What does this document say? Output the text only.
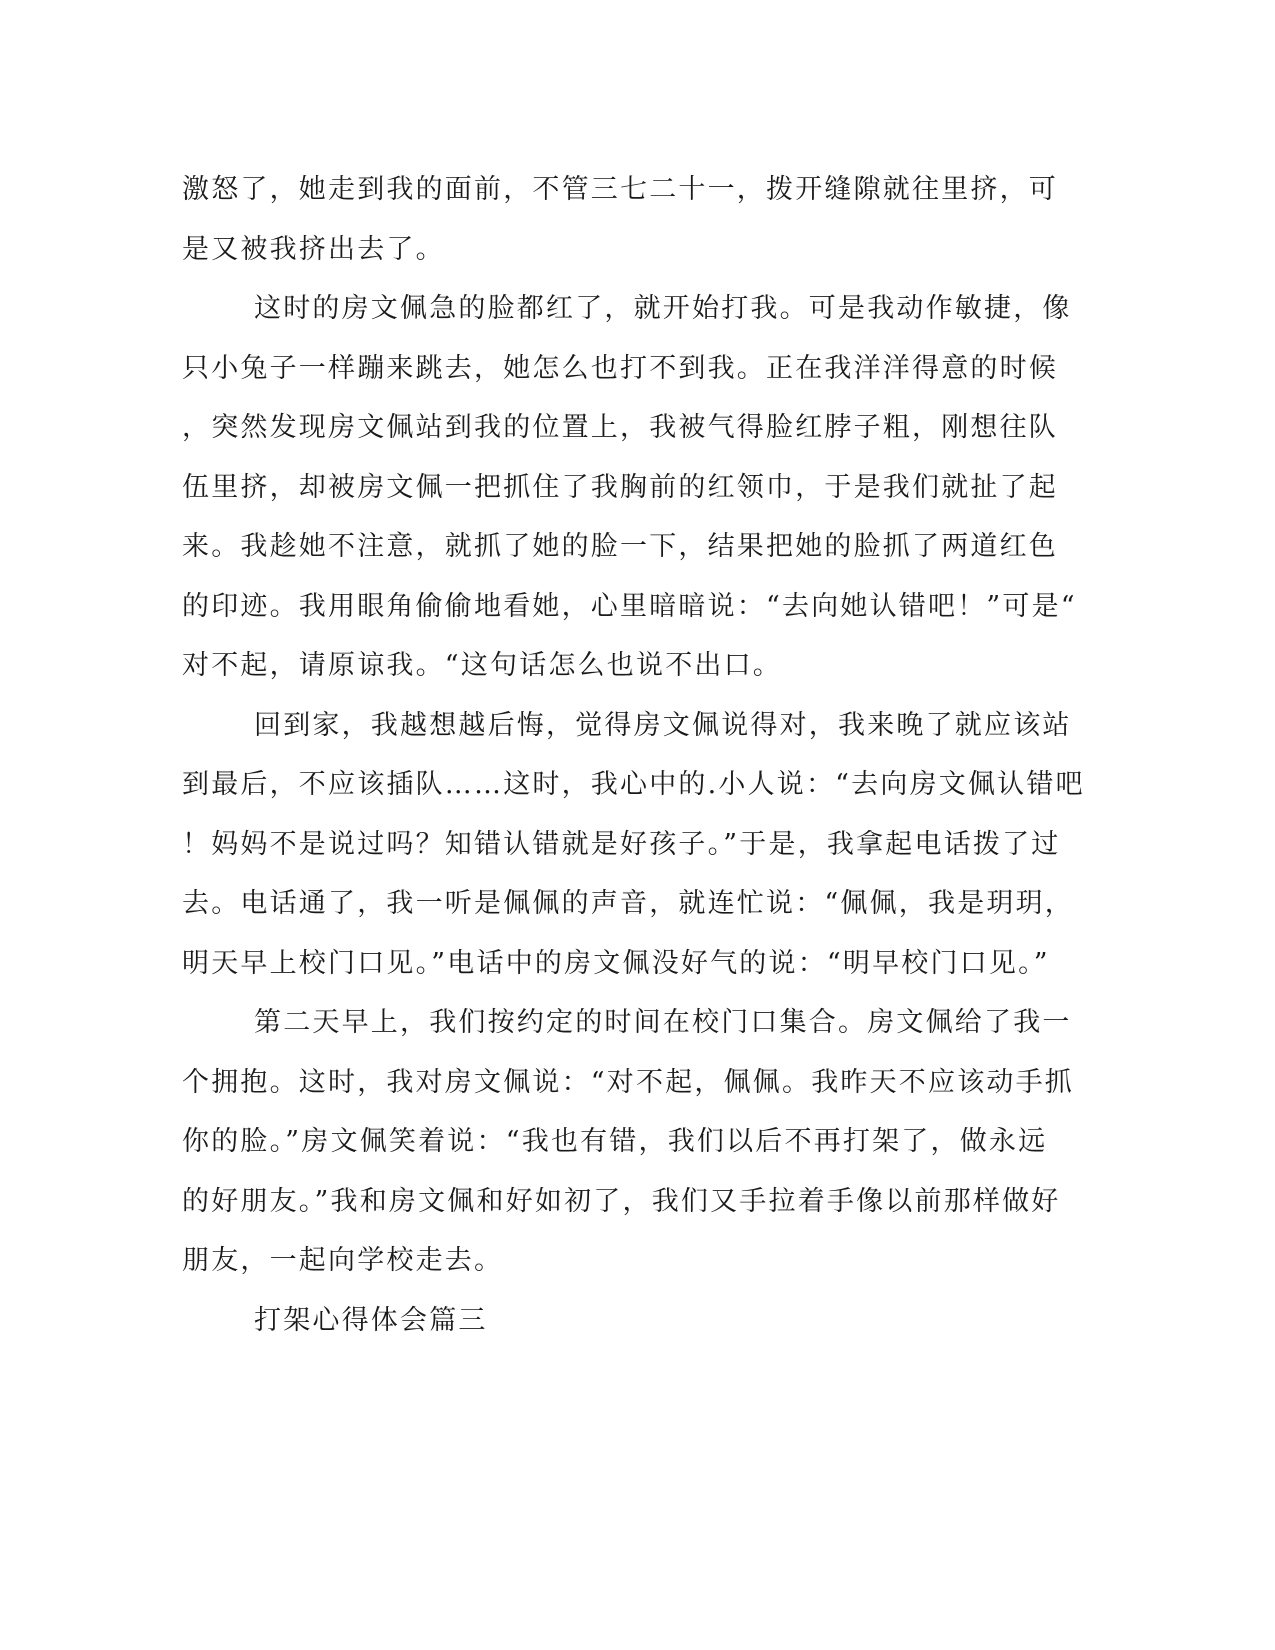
激怒了，她走到我的面前，不管三七二十一，拨开缝隙就往里挤，可
是又被我挤出去了。
这时的房文佩急的脸都红了，就开始打我。可是我动作敏捷，像
只小兔子一样蹦来跳去，她怎么也打不到我。正在我洋洋得意的时候
，突然发现房文佩站到我的位置上，我被气得脸红脖子粗，刚想往队
伍里挤，却被房文佩一把抓住了我胸前的红领巾，于是我们就扯了起
来。我趁她不注意，就抓了她的脸一下，结果把她的脸抓了两道红色
的印迹。我用眼角偷偷地看她，心里暗暗说：“去向她认错吧！”可是“
对不起，请原谅我。“这句话怎么也说不出口。
回到家，我越想越后悔，觉得房文佩说得对，我来晚了就应该站
到最后，不应该插队……这时，我心中的.小人说：“去向房文佩认错吧
！妈妈不是说过吗？知错认错就是好孩子。”于是，我拿起电话拨了过
去。电话通了，我一听是佩佩的声音，就连忙说：“佩佩，我是玥玥，
明天早上校门口见。”电话中的房文佩没好气的说：“明早校门口见。”
第二天早上，我们按约定的时间在校门口集合。房文佩给了我一
个拥抱。这时，我对房文佩说：“对不起，佩佩。我昨天不应该动手抓
你的脸。”房文佩笑着说：“我也有错，我们以后不再打架了，做永远
的好朋友。”我和房文佩和好如初了，我们又手拉着手像以前那样做好
朋友，一起向学校走去。
打架心得体会篇三
